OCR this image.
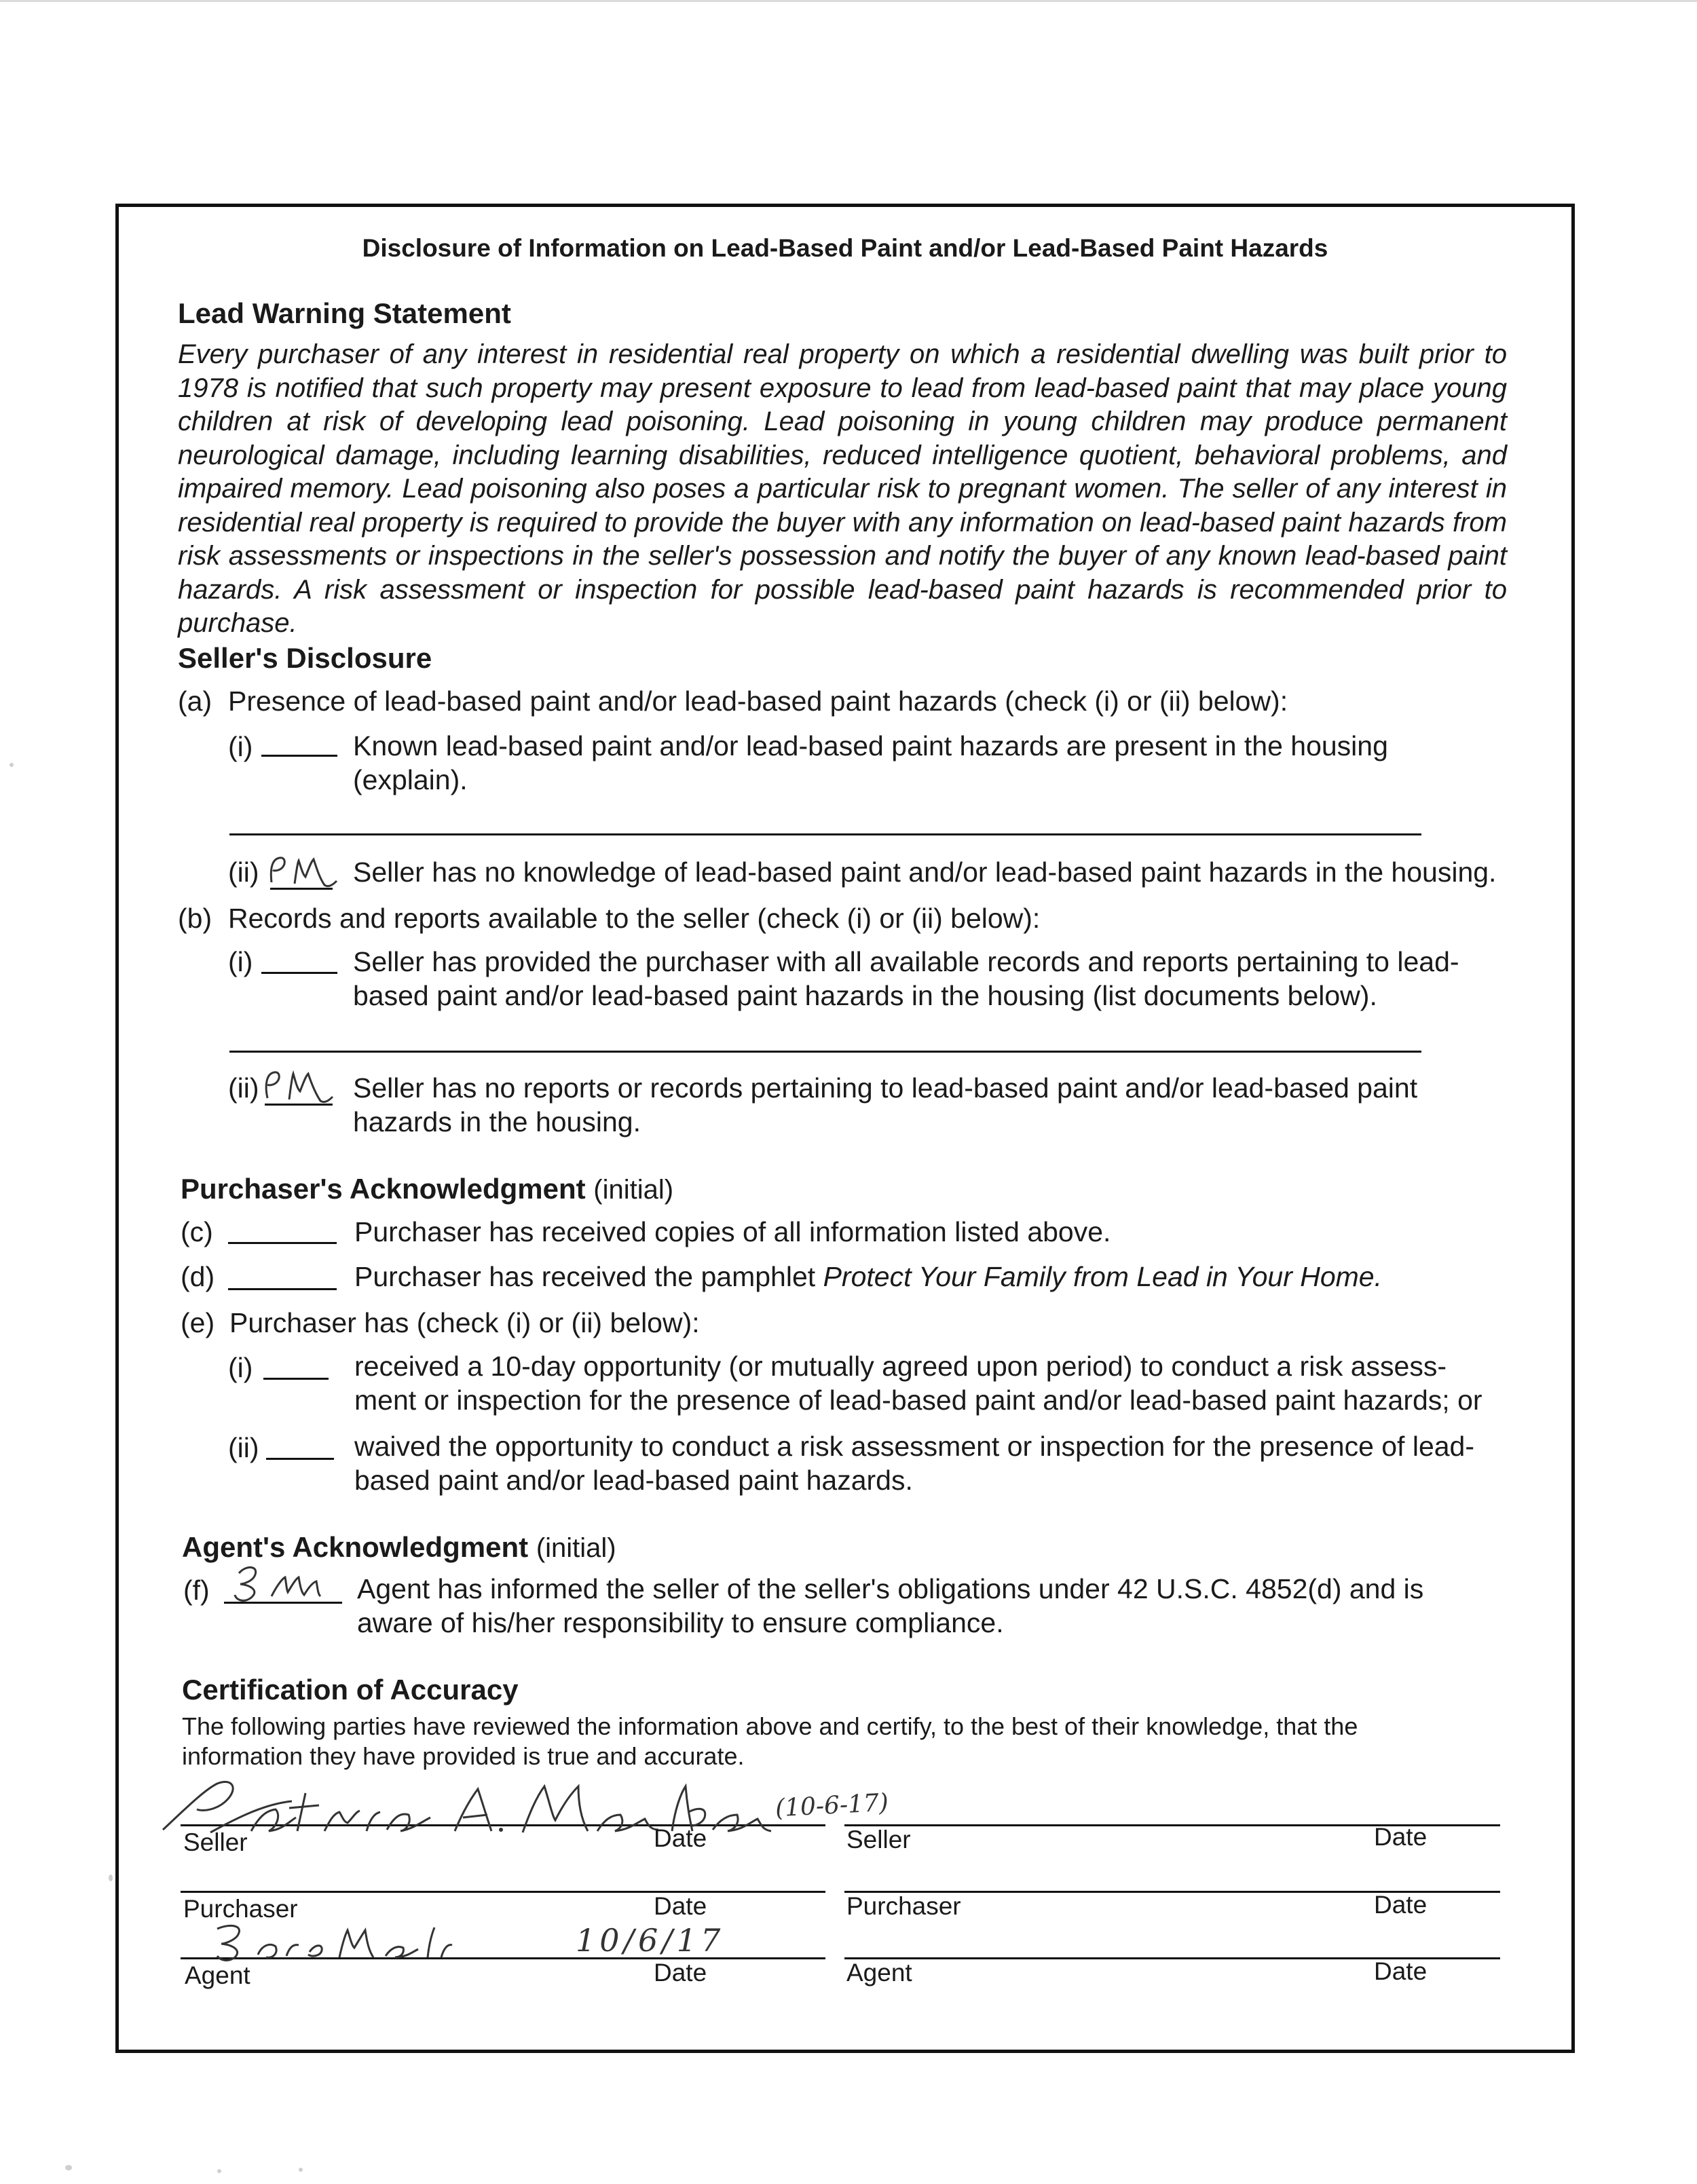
Disclosure of Information on Lead-Based Paint and/or Lead-Based Paint Hazards
Lead Warning Statement
Every purchaser of any interest in residential real property on which a residential dwelling was built prior to 1978 is notified that such property may present exposure to lead from lead-based paint that may place young children at risk of developing lead poisoning. Lead poisoning in young children may produce permanent neurological damage, including learning disabilities, reduced intelligence quotient, behavioral problems, and impaired memory. Lead poisoning also poses a particular risk to pregnant women. The seller of any interest in residential real property is required to provide the buyer with any information on lead-based paint hazards from risk assessments or inspections in the seller's possession and notify the buyer of any known lead-based paint hazards. A risk assessment or inspection for possible lead-based paint hazards is recommended prior to purchase.
Seller's Disclosure
(a) Presence of lead-based paint and/or lead-based paint hazards (check (i) or (ii) below):
(i)	Known lead-based paint and/or lead-based paint hazards are present in the housing (explain).
(ii)	Seller has no knowledge of lead-based paint and/or lead-based paint hazards in the housing.
(b) Records and reports available to the seller (check (i) or (ii) below):
(i)	Seller has provided the purchaser with all available records and reports pertaining to lead-based paint and/or lead-based paint hazards in the housing (list documents below).
(ii)	Seller has no reports or records pertaining to lead-based paint and/or lead-based paint hazards in the housing.
Purchaser's Acknowledgment (initial)
(c)	Purchaser has received copies of all information listed above.
(d)	Purchaser has received the pamphlet Protect Your Family from Lead in Your Home.
(e) Purchaser has (check (i) or (ii) below):
(i)	received a 10-day opportunity (or mutually agreed upon period) to conduct a risk assess-ment or inspection for the presence of lead-based paint and/or lead-based paint hazards; or
(ii)	waived the opportunity to conduct a risk assessment or inspection for the presence of lead-based paint and/or lead-based paint hazards.
Agent's Acknowledgment (initial)
(f)	Agent has informed the seller of the seller's obligations under 42 U.S.C. 4852(d) and is aware of his/her responsibility to ensure compliance.
Certification of Accuracy
The following parties have reviewed the information above and certify, to the best of their knowledge, that the information they have provided is true and accurate.
(10-6-17)
10/6/17
Seller	Date	Seller	Date
Purchaser	Date	Purchaser	Date
Agent	Date	Agent	Date
